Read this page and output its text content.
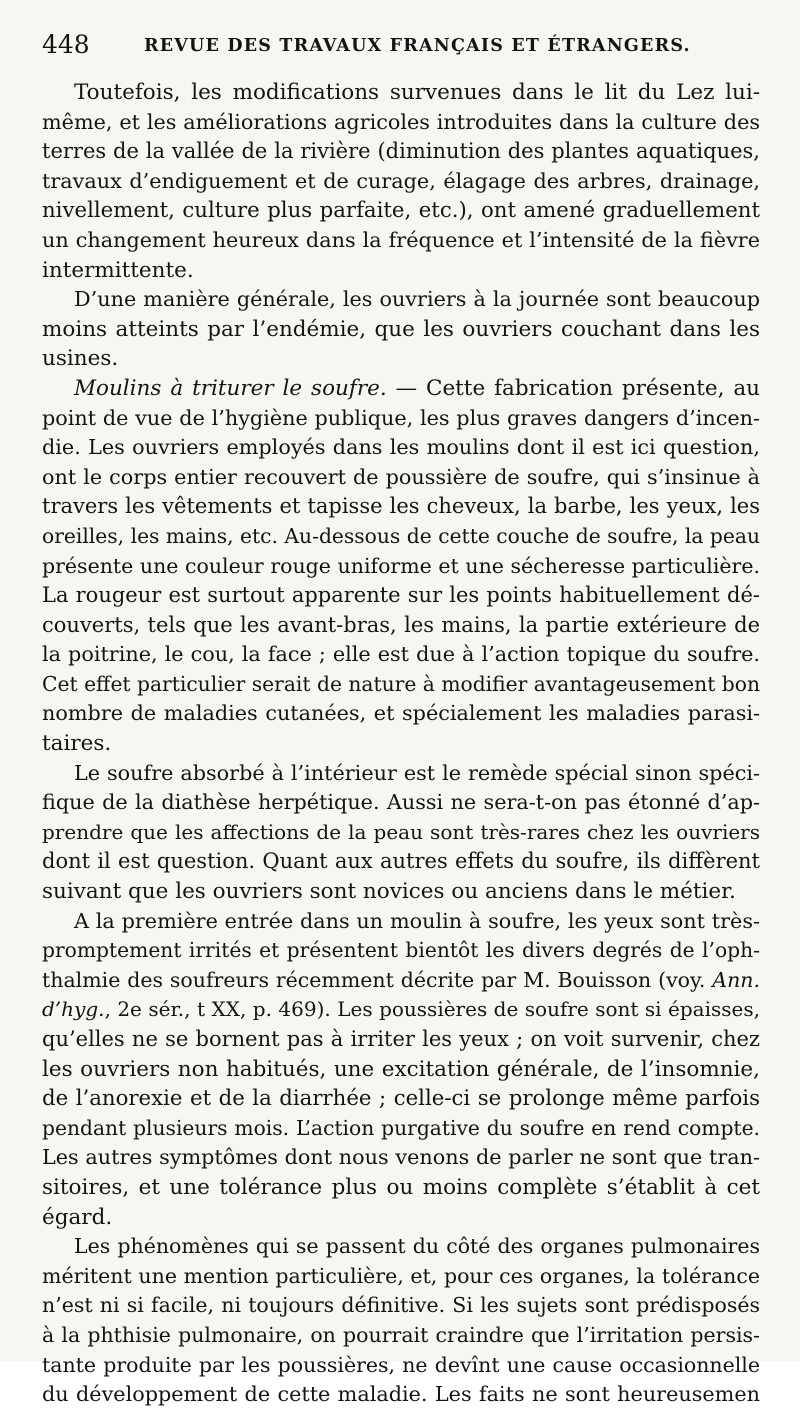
448	REVUE DES TRAVAUX FRANÇAIS ET ÉTRANGERS.
Toutefois, les modifications survenues dans le lit du Lez lui-
même, et les améliorations agricoles introduites dans la culture des
terres de la vallée de la rivière (diminution des plantes aquatiques,
travaux d’endiguement et de curage, élagage des arbres, drainage,
nivellement, culture plus parfaite, etc.), ont amené graduellement
un changement heureux dans la fréquence et l’intensité de la fièvre
intermittente.
D’une manière générale, les ouvriers à la journée sont beaucoup
moins atteints par l’endémie, que les ouvriers couchant dans les
usines.
Moulins à triturer le soufre. — Cette fabrication présente, au
point de vue de l’hygiène publique, les plus graves dangers d’incen-
die. Les ouvriers employés dans les moulins dont il est ici question,
ont le corps entier recouvert de poussière de soufre, qui s’insinue à
travers les vêtements et tapisse les cheveux, la barbe, les yeux, les
oreilles, les mains, etc. Au-dessous de cette couche de soufre, la peau
présente une couleur rouge uniforme et une sécheresse particulière.
La rougeur est surtout apparente sur les points habituellement dé-
couverts, tels que les avant-bras, les mains, la partie extérieure de
la poitrine, le cou, la face ; elle est due à l’action topique du soufre.
Cet effet particulier serait de nature à modifier avantageusement bon
nombre de maladies cutanées, et spécialement les maladies parasi-
taires.
Le soufre absorbé à l’intérieur est le remède spécial sinon spéci-
fique de la diathèse herpétique. Aussi ne sera-t-on pas étonné d’ap-
prendre que les affections de la peau sont très-rares chez les ouvriers
dont il est question. Quant aux autres effets du soufre, ils diffèrent
suivant que les ouvriers sont novices ou anciens dans le métier.
A la première entrée dans un moulin à soufre, les yeux sont très-
promptement irrités et présentent bientôt les divers degrés de l’oph-
thalmie des soufreurs récemment décrite par M. Bouisson (voy. Ann.
d’hyg., 2e sér., t XX, p. 469). Les poussières de soufre sont si épaisses,
qu’elles ne se bornent pas à irriter les yeux ; on voit survenir, chez
les ouvriers non habitués, une excitation générale, de l’insomnie,
de l’anorexie et de la diarrhée ; celle-ci se prolonge même parfois
pendant plusieurs mois. L’action purgative du soufre en rend compte.
Les autres symptômes dont nous venons de parler ne sont que tran-
sitoires, et une tolérance plus ou moins complète s’établit à cet
égard.
Les phénomènes qui se passent du côté des organes pulmonaires
méritent une mention particulière, et, pour ces organes, la tolérance
n’est ni si facile, ni toujours définitive. Si les sujets sont prédisposés
à la phthisie pulmonaire, on pourrait craindre que l’irritation persis-
tante produite par les poussières, ne devînt une cause occasionnelle
du développement de cette maladie. Les faits ne sont heureusemen
